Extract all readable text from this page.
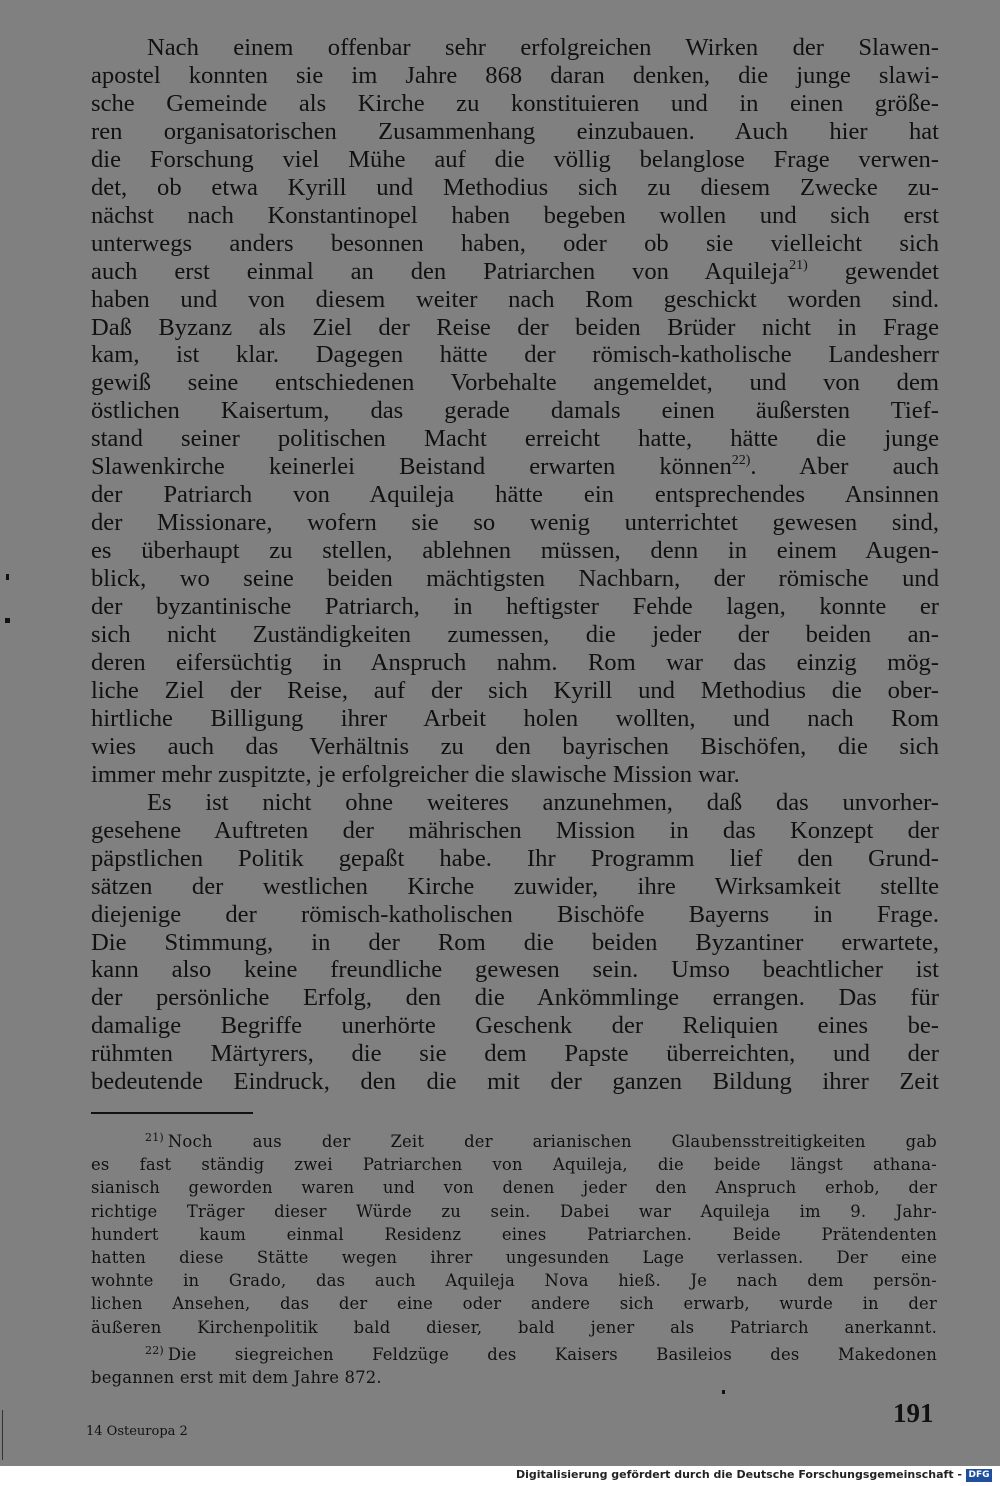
Nach einem offenbar sehr erfolgreichen Wirken der Slawen-
apostel konnten sie im Jahre 868 daran denken, die junge slawi-
sche Gemeinde als Kirche zu konstituieren und in einen größe-
ren organisatorischen Zusammenhang einzubauen. Auch hier hat
die Forschung viel Mühe auf die völlig belanglose Frage verwen-
det, ob etwa Kyrill und Methodius sich zu diesem Zwecke zu-
nächst nach Konstantinopel haben begeben wollen und sich erst
unterwegs anders besonnen haben, oder ob sie vielleicht sich
auch erst einmal an den Patriarchen von Aquileja$^{21)}$ gewendet
haben und von diesem weiter nach Rom geschickt worden sind.
Daß Byzanz als Ziel der Reise der beiden Brüder nicht in Frage
kam, ist klar. Dagegen hätte der römisch-katholische Landesherr
gewiß seine entschiedenen Vorbehalte angemeldet, und von dem
östlichen Kaisertum, das gerade damals einen äußersten Tief-
stand seiner politischen Macht erreicht hatte, hätte die junge
Slawenkirche keinerlei Beistand erwarten können$^{22)}$. Aber auch
der Patriarch von Aquileja hätte ein entsprechendes Ansinnen
der Missionare, wofern sie so wenig unterrichtet gewesen sind,
es überhaupt zu stellen, ablehnen müssen, denn in einem Augen-
blick, wo seine beiden mächtigsten Nachbarn, der römische und
der byzantinische Patriarch, in heftigster Fehde lagen, konnte er
sich nicht Zuständigkeiten zumessen, die jeder der beiden an-
deren eifersüchtig in Anspruch nahm. Rom war das einzig mög-
liche Ziel der Reise, auf der sich Kyrill und Methodius die ober-
hirtliche Billigung ihrer Arbeit holen wollten, und nach Rom
wies auch das Verhältnis zu den bayrischen Bischöfen, die sich
immer mehr zuspitzte, je erfolgreicher die slawische Mission war.

Es ist nicht ohne weiteres anzunehmen, daß das unvorher-
gesehene Auftreten der mährischen Mission in das Konzept der
päpstlichen Politik gepaßt habe. Ihr Programm lief den Grund-
sätzen der westlichen Kirche zuwider, ihre Wirksamkeit stellte
diejenige der römisch-katholischen Bischöfe Bayerns in Frage.
Die Stimmung, in der Rom die beiden Byzantiner erwartete,
kann also keine freundliche gewesen sein. Umso beachtlicher ist
der persönliche Erfolg, den die Ankömmlinge errangen. Das für
damalige Begriffe unerhörte Geschenk der Reliquien eines be-
rühmten Märtyrers, die sie dem Papste überreichten, und der
bedeutende Eindruck, den die mit der ganzen Bildung ihrer Zeit

$^{21)}$ Noch aus der Zeit der arianischen Glaubensstreitigkeiten gab
es fast ständig zwei Patriarchen von Aquileja, die beide längst athana-
sianisch geworden waren und von denen jeder den Anspruch erhob, der
richtige Träger dieser Würde zu sein. Dabei war Aquileja im 9. Jahr-
hundert kaum einmal Residenz eines Patriarchen. Beide Prätendenten
hatten diese Stätte wegen ihrer ungesunden Lage verlassen. Der eine
wohnte in Grado, das auch Aquileja Nova hieß. Je nach dem persön-
lichen Ansehen, das der eine oder andere sich erwarb, wurde in der
äußeren Kirchenpolitik bald dieser, bald jener als Patriarch anerkannt.
$^{22)}$ Die siegreichen Feldzüge des Kaisers Basileios des Makedonen
begannen erst mit dem Jahre 872.
191
14 Osteuropa 2
Digitalisierung gefördert durch die Deutsche Forschungsgemeinschaft - DFG
